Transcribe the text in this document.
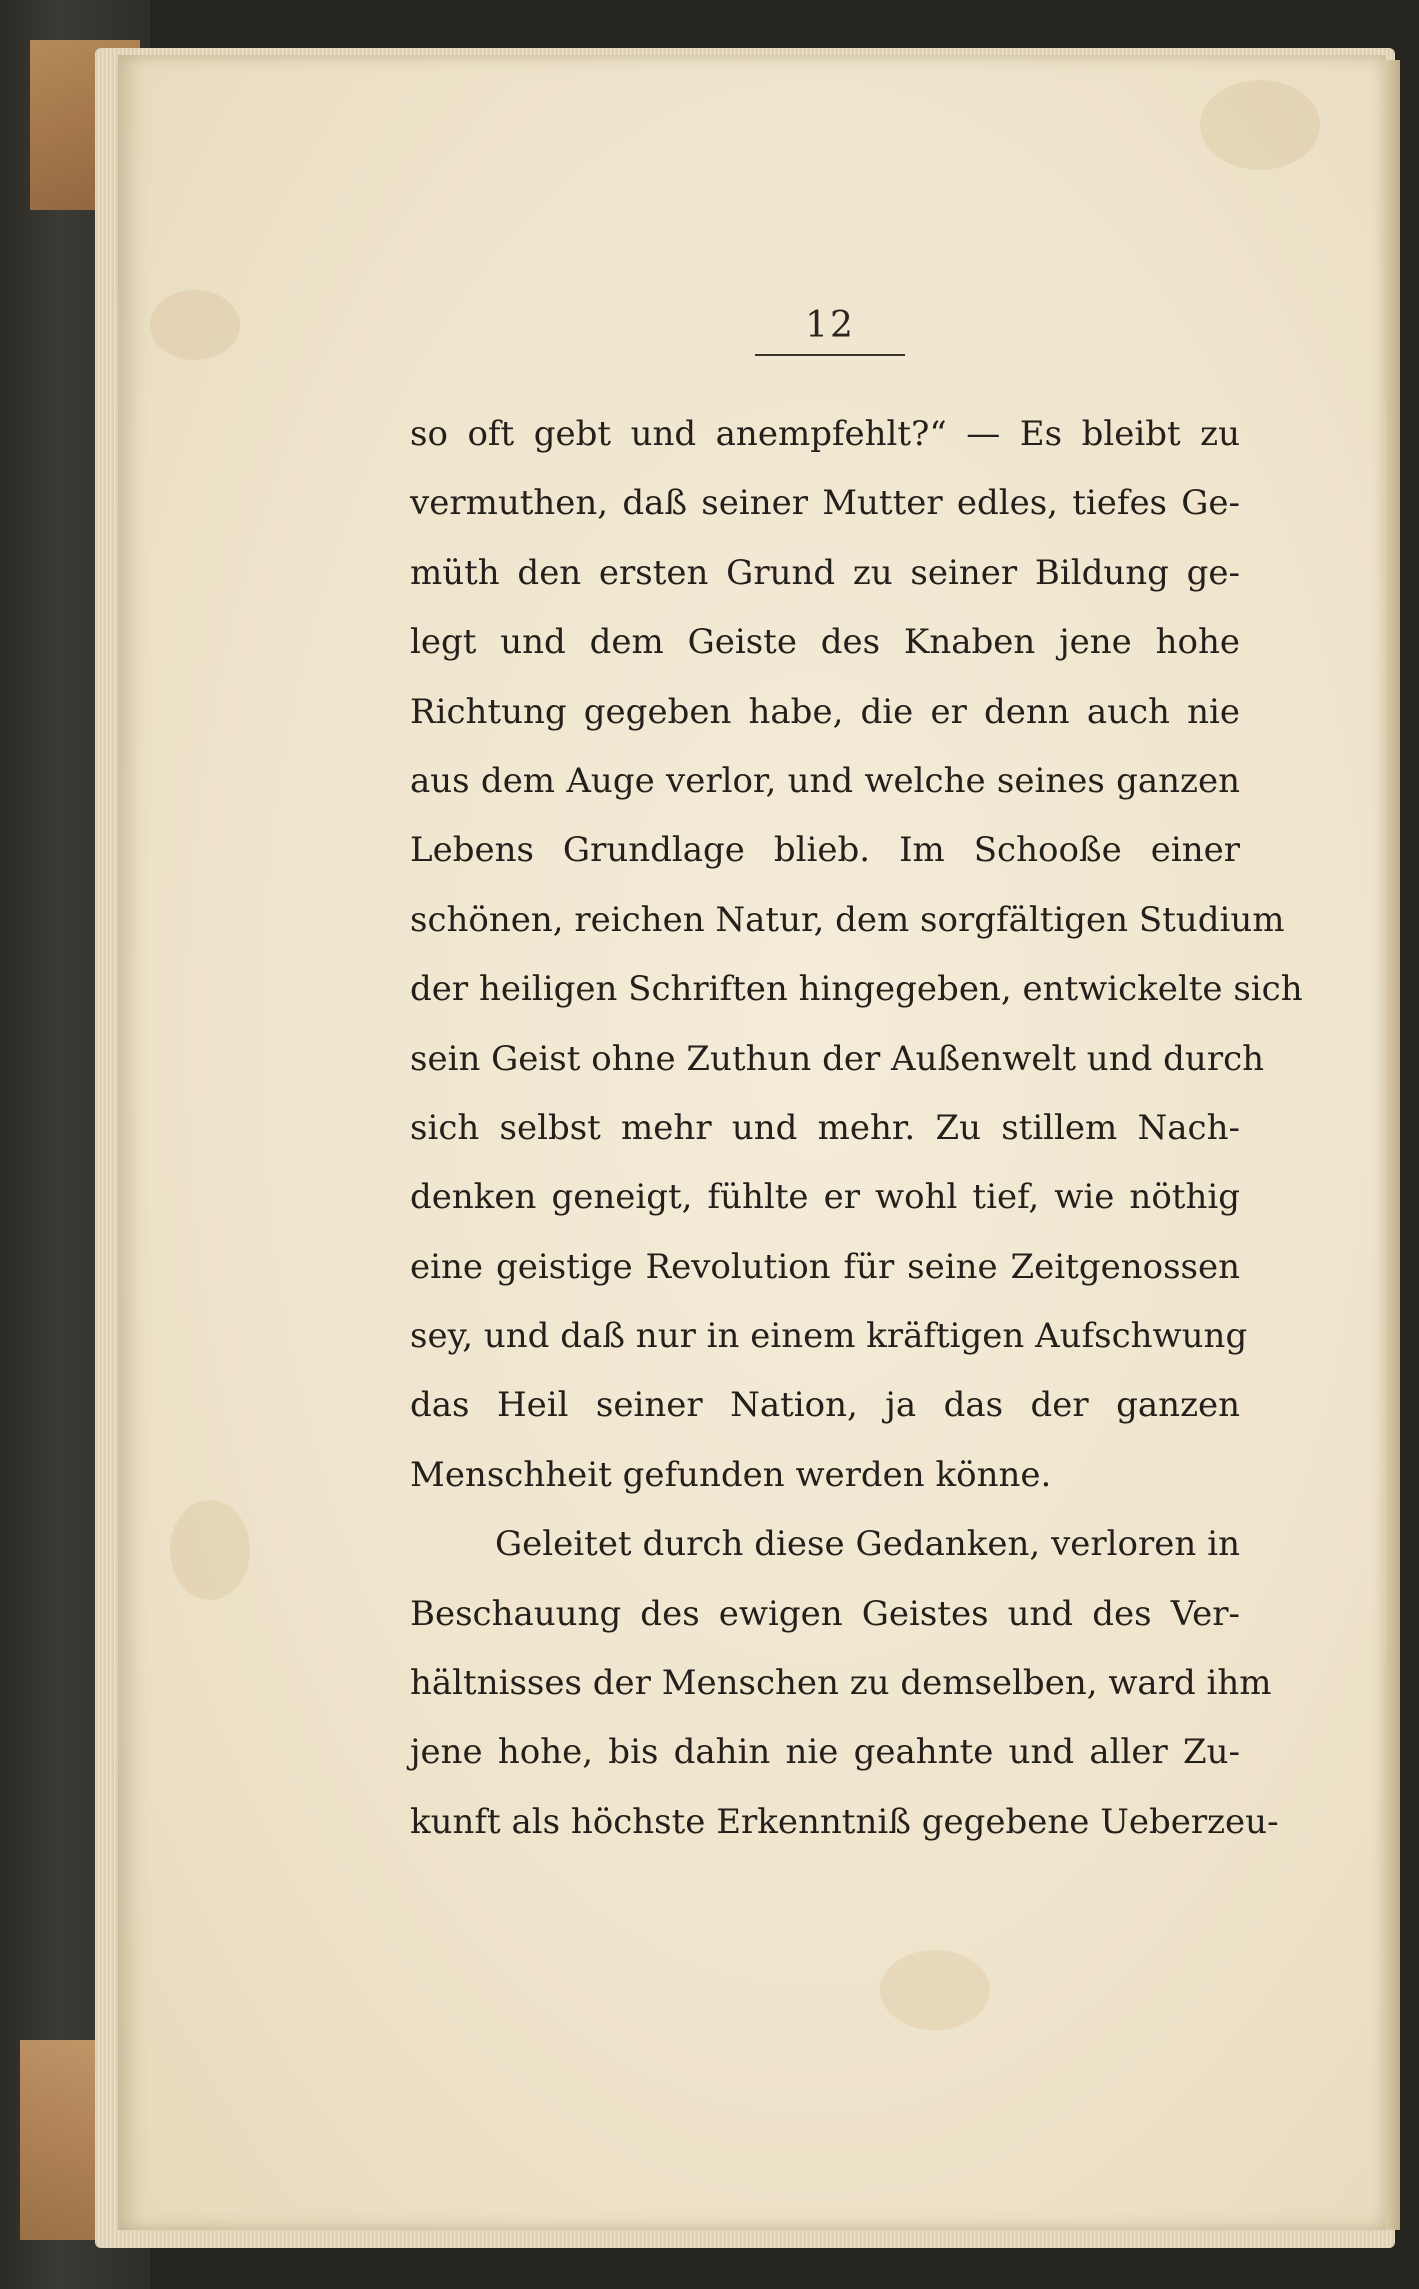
12
so oft gebt und anempfehlt?“ — Es bleibt zu
vermuthen, daß seiner Mutter edles, tiefes Ge-
müth den ersten Grund zu seiner Bildung ge-
legt und dem Geiste des Knaben jene hohe
Richtung gegeben habe, die er denn auch nie
aus dem Auge verlor, und welche seines ganzen
Lebens Grundlage blieb. Im Schooße einer
schönen, reichen Natur, dem sorgfältigen Studium
der heiligen Schriften hingegeben, entwickelte sich
sein Geist ohne Zuthun der Außenwelt und durch
sich selbst mehr und mehr. Zu stillem Nach-
denken geneigt, fühlte er wohl tief, wie nöthig
eine geistige Revolution für seine Zeitgenossen
sey, und daß nur in einem kräftigen Aufschwung
das Heil seiner Nation, ja das der ganzen
Menschheit gefunden werden könne.
Geleitet durch diese Gedanken, verloren in
Beschauung des ewigen Geistes und des Ver-
hältnisses der Menschen zu demselben, ward ihm
jene hohe, bis dahin nie geahnte und aller Zu-
kunft als höchste Erkenntniß gegebene Ueberzeu-
